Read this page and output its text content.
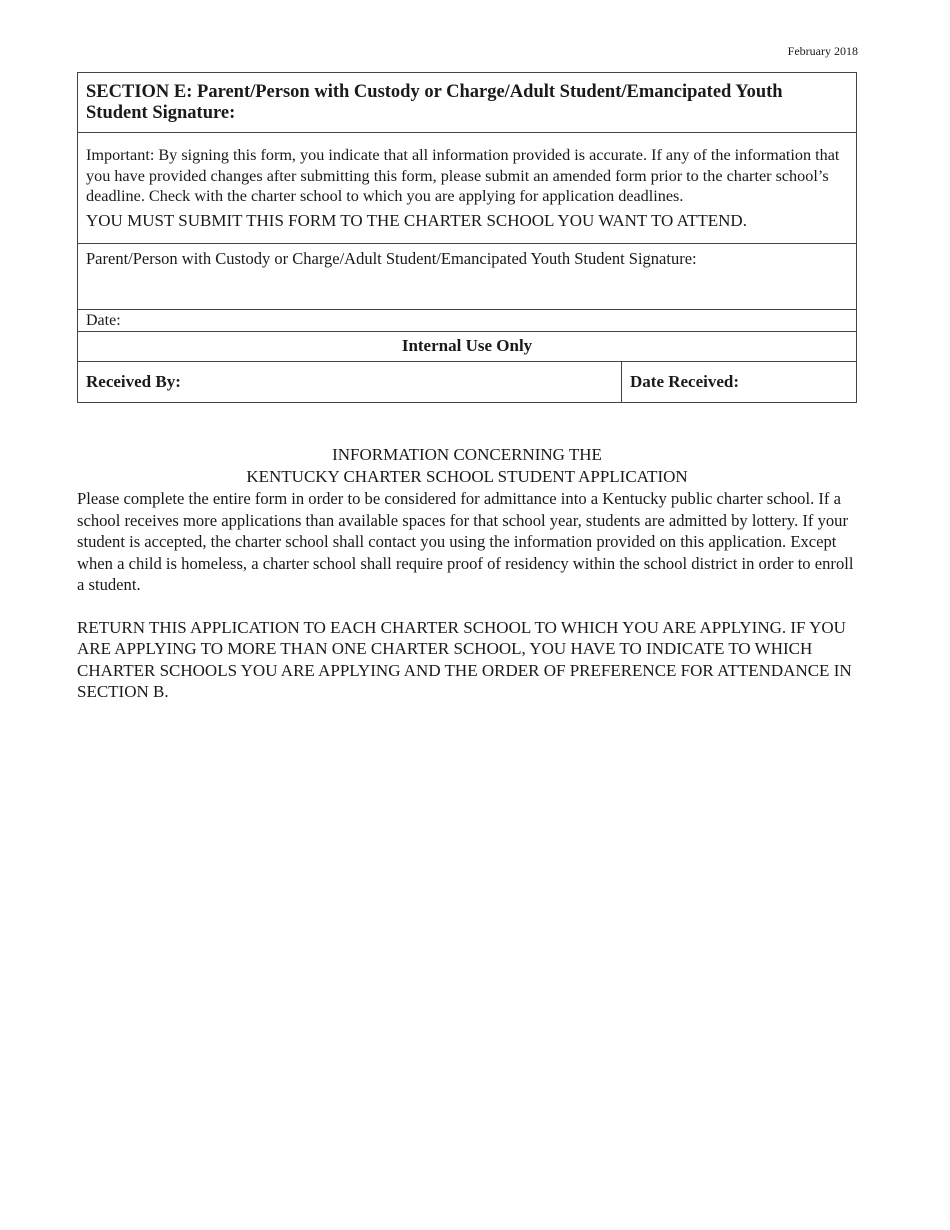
February 2018
SECTION E: Parent/Person with Custody or Charge/Adult Student/Emancipated Youth Student Signature:

Important: By signing this form, you indicate that all information provided is accurate. If any of the information that you have provided changes after submitting this form, please submit an amended form prior to the charter school’s deadline. Check with the charter school to which you are applying for application deadlines.

YOU MUST SUBMIT THIS FORM TO THE CHARTER SCHOOL YOU WANT TO ATTEND.

Parent/Person with Custody or Charge/Adult Student/Emancipated Youth Student Signature:
Date:
Internal Use Only
Received By:	Date Received:
INFORMATION CONCERNING THE
KENTUCKY CHARTER SCHOOL STUDENT APPLICATION

Please complete the entire form in order to be considered for admittance into a Kentucky public charter school. If a school receives more applications than available spaces for that school year, students are admitted by lottery. If your student is accepted, the charter school shall contact you using the information provided on this application. Except when a child is homeless, a charter school shall require proof of residency within the school district in order to enroll a student.

RETURN THIS APPLICATION TO EACH CHARTER SCHOOL TO WHICH YOU ARE APPLYING. IF YOU ARE APPLYING TO MORE THAN ONE CHARTER SCHOOL, YOU HAVE TO INDICATE TO WHICH CHARTER SCHOOLS YOU ARE APPLYING AND THE ORDER OF PREFERENCE FOR ATTENDANCE IN SECTION B.
